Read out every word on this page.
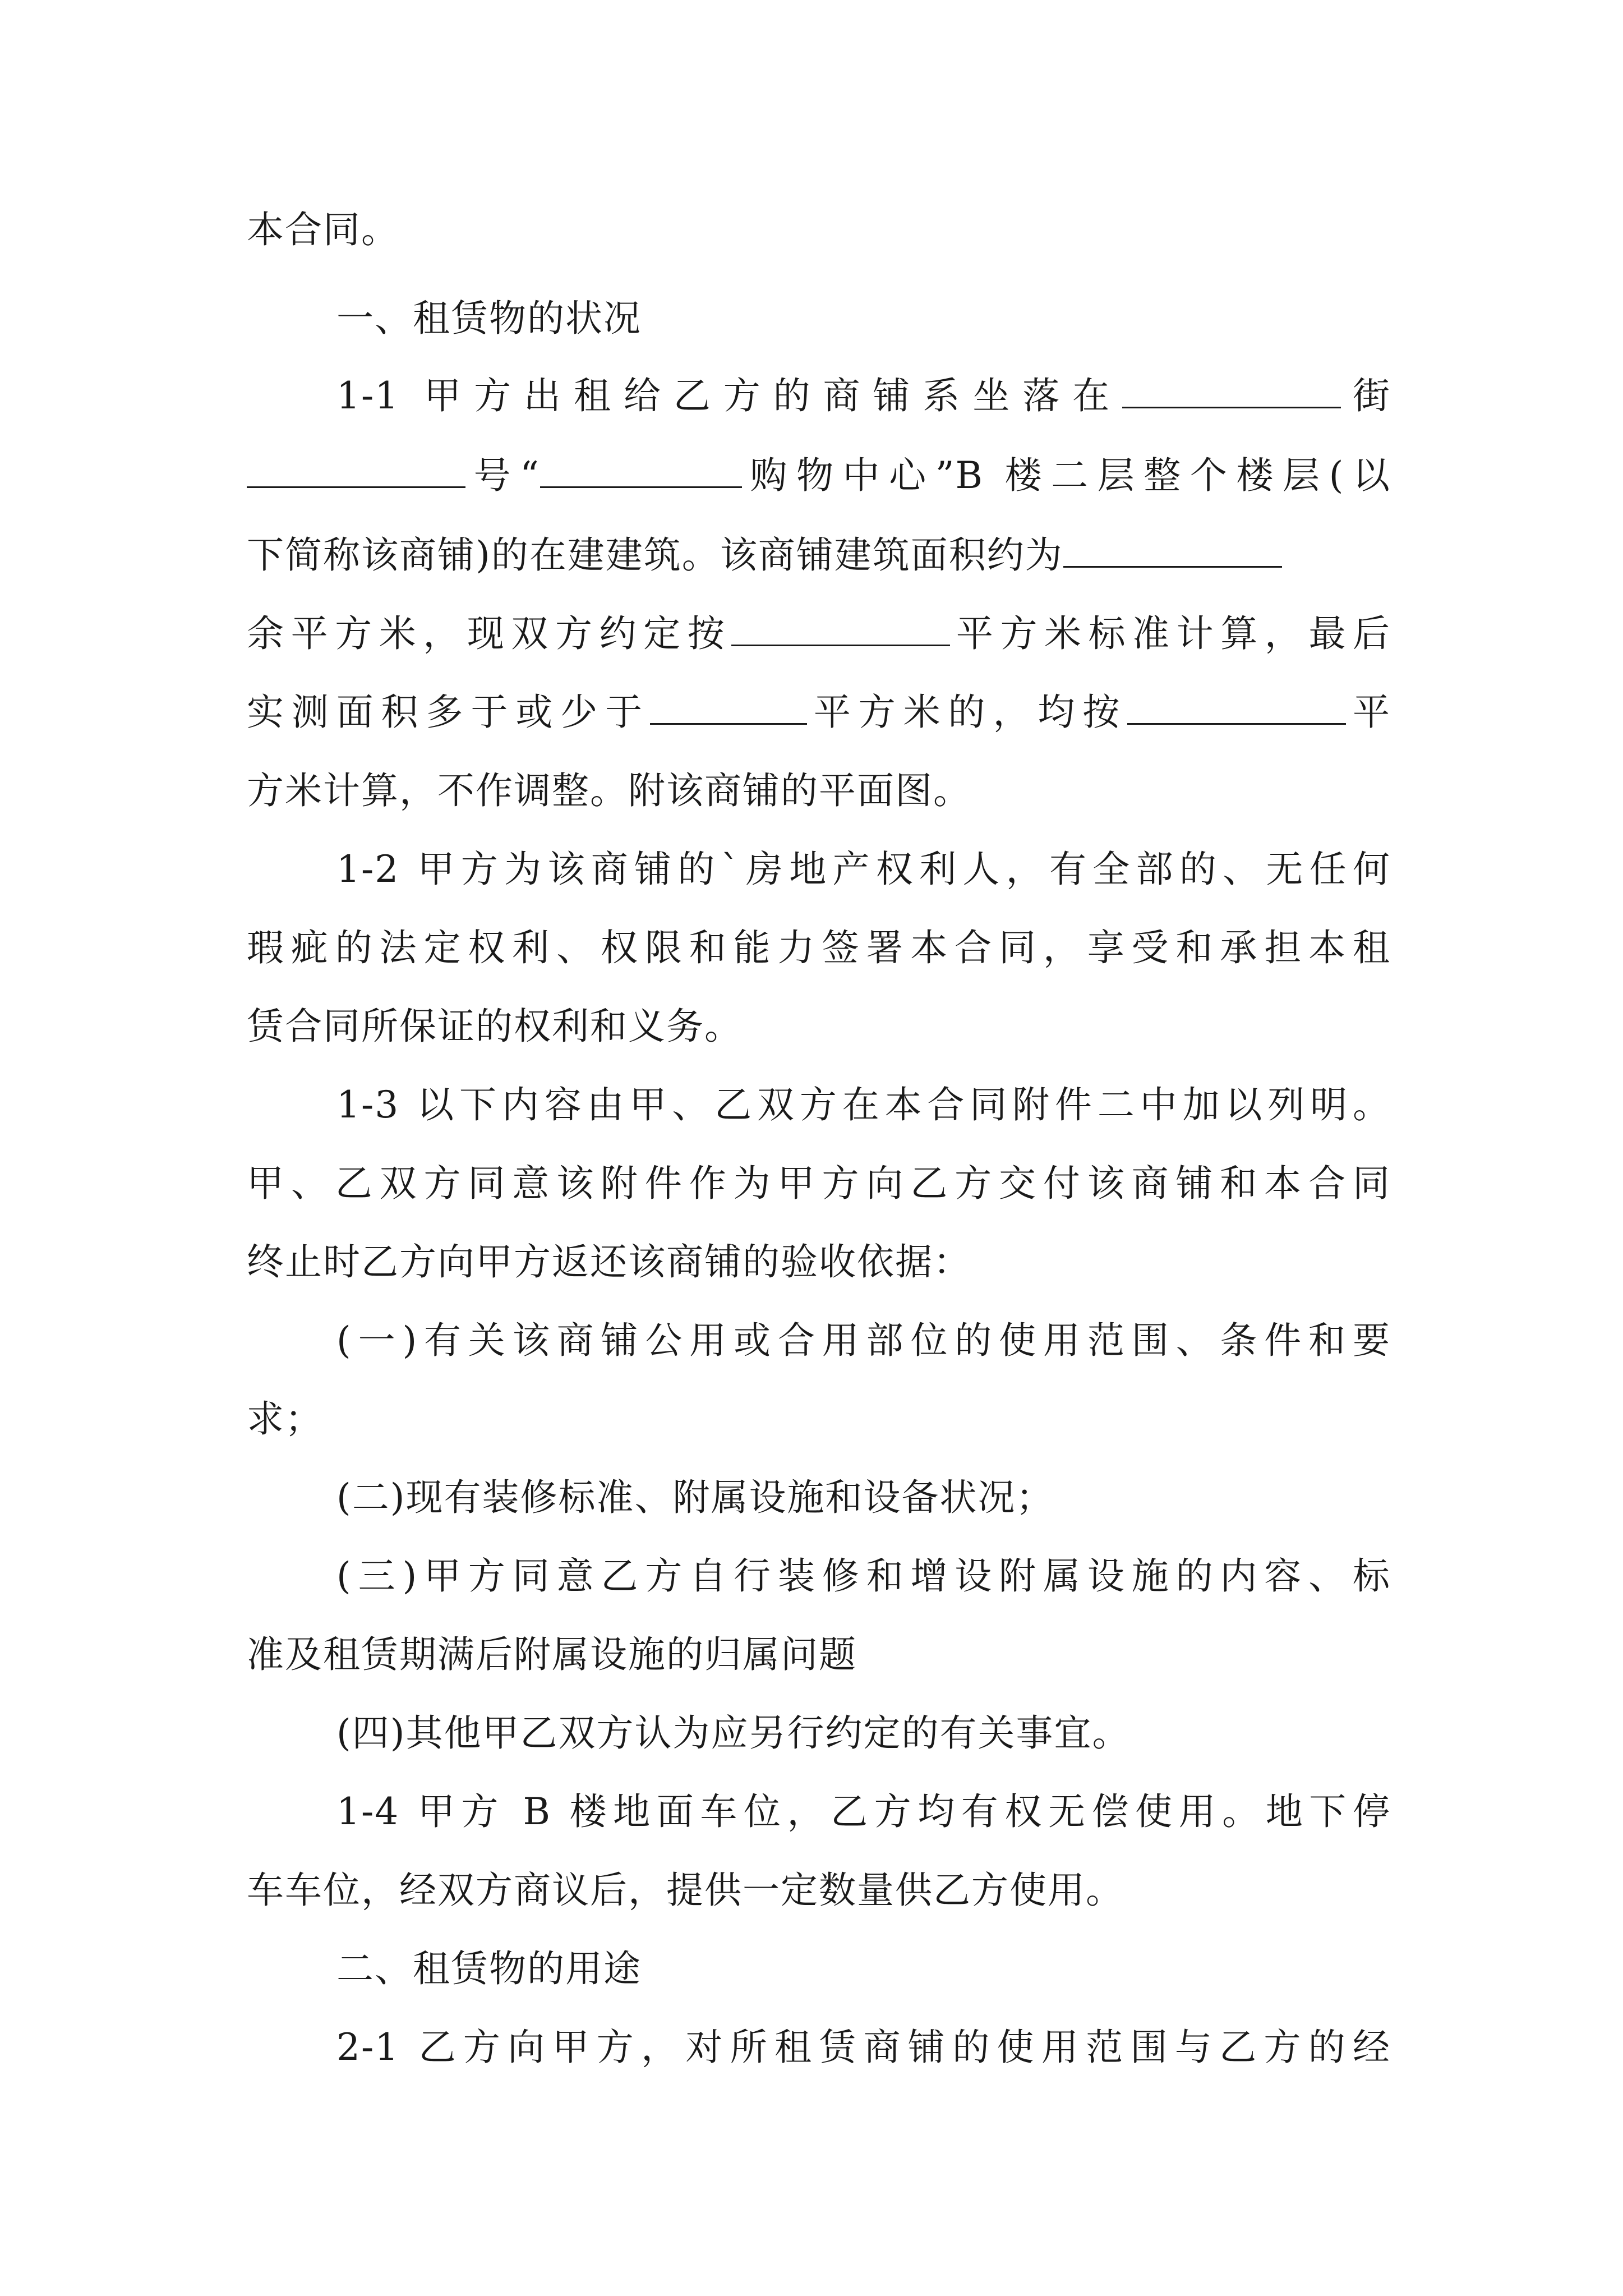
本合同。
一、租赁物的状况
1-1 甲方出租给乙方的商铺系坐落在	街
号“	购物中心”B 楼二层整个楼层(以
下简称该商铺)的在建建筑。该商铺建筑面积约为
余平方米，现双方约定按	平方米标准计算，最后
实测面积多于或少于	平方米的，均按	平
方米计算，不作调整。附该商铺的平面图。
1-2 甲方为该商铺的`房地产权利人，有全部的、无任何
瑕疵的法定权利、权限和能力签署本合同，享受和承担本租
赁合同所保证的权利和义务。
1-3 以下内容由甲、乙双方在本合同附件二中加以列明。
甲、乙双方同意该附件作为甲方向乙方交付该商铺和本合同
终止时乙方向甲方返还该商铺的验收依据：
(一)有关该商铺公用或合用部位的使用范围、条件和要
求；
(二)现有装修标准、附属设施和设备状况；
(三)甲方同意乙方自行装修和增设附属设施的内容、标
准及租赁期满后附属设施的归属问题
(四)其他甲乙双方认为应另行约定的有关事宜。
1-4 甲方 B 楼地面车位，乙方均有权无偿使用。地下停
车车位，经双方商议后，提供一定数量供乙方使用。
二、租赁物的用途
2-1 乙方向甲方，对所租赁商铺的使用范围与乙方的经
